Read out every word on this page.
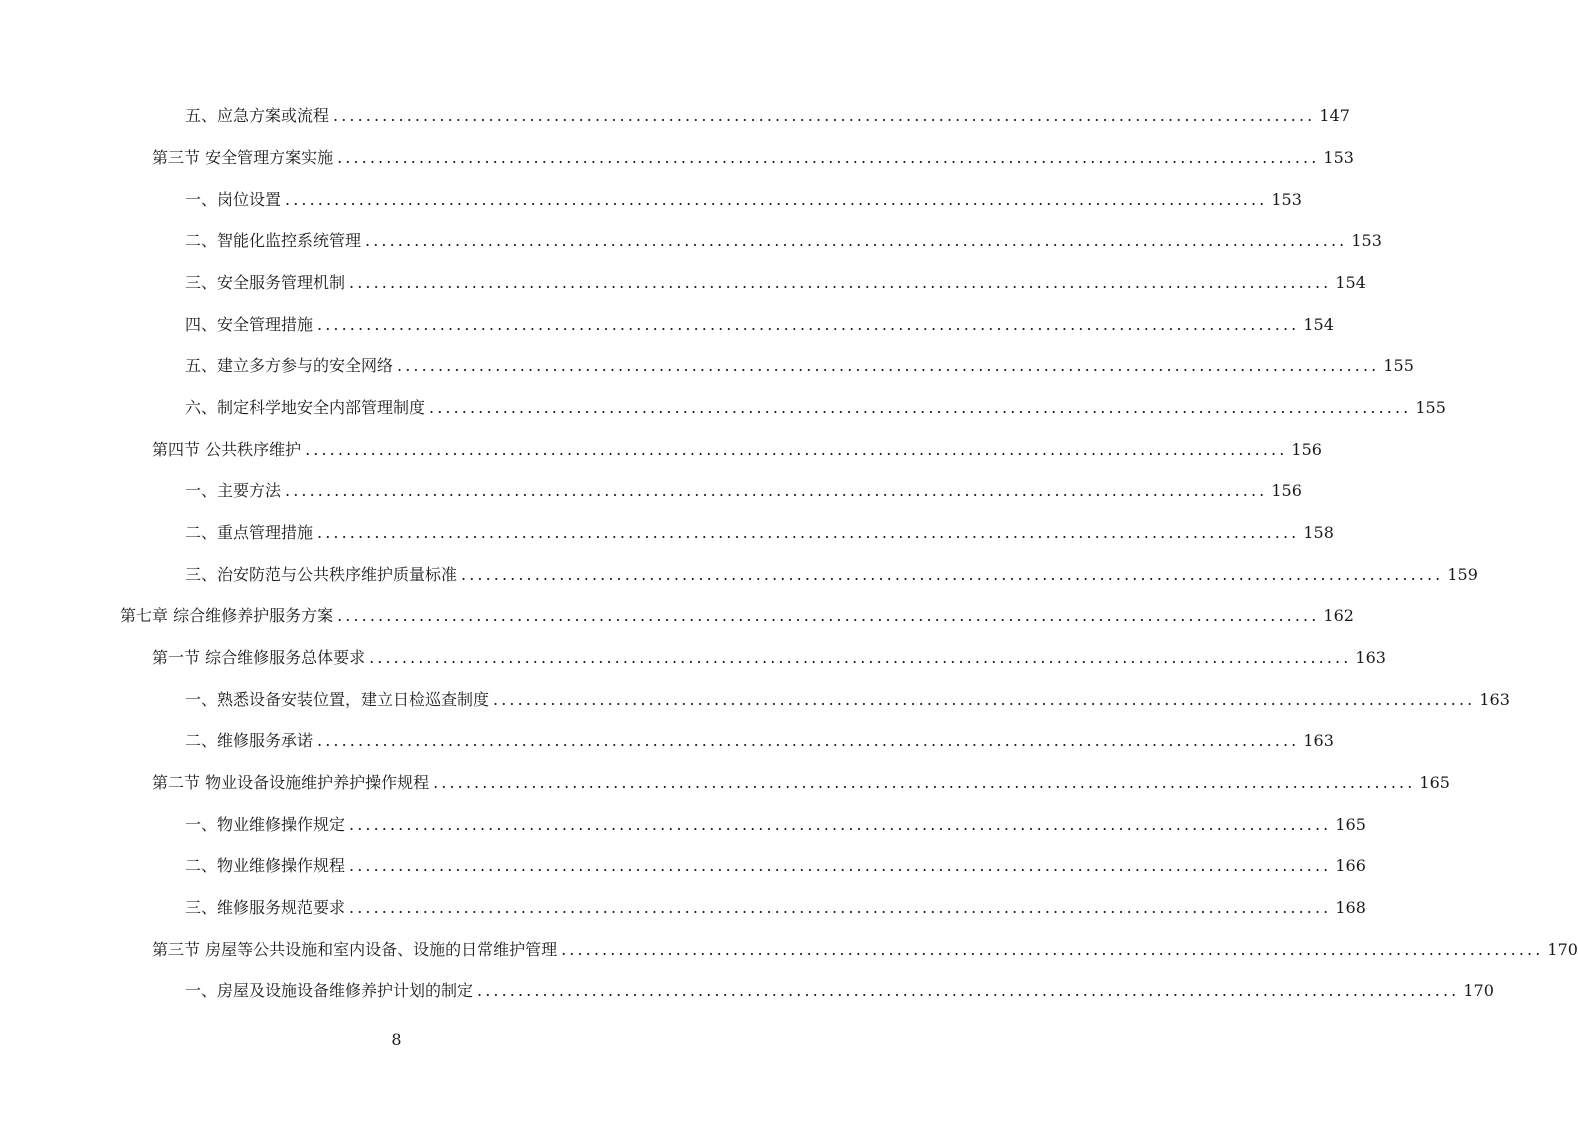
五、应急方案或流程 ........................................................................................................................ 147
第三节 安全管理方案实施 ........................................................................................................................ 153
一、岗位设置 ........................................................................................................................ 153
二、智能化监控系统管理 ........................................................................................................................ 153
三、安全服务管理机制 ........................................................................................................................ 154
四、安全管理措施 ........................................................................................................................ 154
五、建立多方参与的安全网络 ........................................................................................................................ 155
六、制定科学地安全内部管理制度 ........................................................................................................................ 155
第四节 公共秩序维护 ........................................................................................................................ 156
一、主要方法 ........................................................................................................................ 156
二、重点管理措施 ........................................................................................................................ 158
三、治安防范与公共秩序维护质量标准 ........................................................................................................................ 159
第七章 综合维修养护服务方案 ........................................................................................................................ 162
第一节 综合维修服务总体要求 ........................................................................................................................ 163
一、熟悉设备安装位置，建立日检巡查制度 ........................................................................................................................ 163
二、维修服务承诺 ........................................................................................................................ 163
第二节 物业设备设施维护养护操作规程 ........................................................................................................................ 165
一、物业维修操作规定 ........................................................................................................................ 165
二、物业维修操作规程 ........................................................................................................................ 166
三、维修服务规范要求 ........................................................................................................................ 168
第三节 房屋等公共设施和室内设备、设施的日常维护管理 ........................................................................................................................ 170
一、房屋及设施设备维修养护计划的制定 ........................................................................................................................ 170
8
